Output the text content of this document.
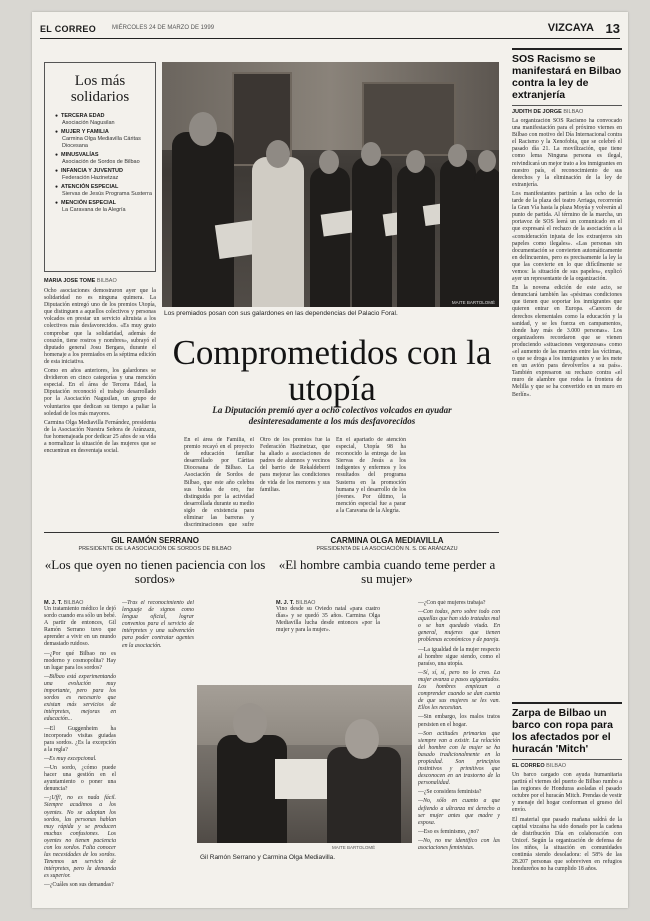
EL CORREO	MIÉRCOLES 24 DE MARZO DE 1999	VIZCAYA 13
Los más solidarios
● TERCERA EDAD
Asociación Nagusilan
● MUJER Y FAMILIA
Carmina Olga Mediavilla Cáritas Diocesana
● MINUSVALÍAS
Asociación de Sordos de Bilbao
● INFANCIA Y JUVENTUD
Federación Hazinetzaz
● ATENCIÓN ESPECIAL
Siervas de Jesús Programa Susterra
● MENCIÓN ESPECIAL
La Caravana de la Alegría
MARÍA JOSÉ TOMÉ BILBAO

Ocho asociaciones demostraron ayer que la solidaridad no es ninguna quimera. La Diputación entregó uno de los premios Utopía, que distinguen a aquellos colectivos y personas volcados en prestar un servicio altruista a los colectivos más desfavorecidos. «Es muy grato comprobar que la solidaridad, además de corazón, tiene rostros y nombres», subrayó el diputado general Josu Bergara, durante el homenaje a los premiados en la séptima edición de esta iniciativa.

Como en años anteriores, los galardones se dividieron en cinco categorías y una mención especial. En el área de Tercera Edad, la Diputación reconoció el trabajo desarrollado por la Asociación Nagusilan, un grupo de voluntarios que dedican su tiempo a paliar la soledad de los más mayores.

Carmina Olga Mediavilla Fernández, presidenta de la Asociación Nuestra Señora de Aránzazu, fue homenajeada por dedicar 25 años de su vida a normalizar la situación de las mujeres que se encuentran en desventaja social.

MAITE BARTOLOMÉ
Los premiados posan con sus galardones en las dependencias del Palacio Foral.
Comprometidos con la utopía
La Diputación premió ayer a ocho colectivos volcados en ayudar desinteresadamente a los más desfavorecidos

En el área de Familia, el premio recayó en el proyecto de educación familiar desarrollado por Cáritas Diocesana de Bilbao. La Asociación de Sordos de Bilbao, que este año celebra sus bodas de oro, fue distinguida por la actividad desarrollada durante su medio siglo de existencia para eliminar las barreras y discriminaciones que sufre

Otro de los premios fue la Federación Hazinetzaz, que ha aliado a asociaciones de padres de alumnos y vecinos del barrio de Rekaldeberri para mejorar las condiciones de vida de los menores y sus familias.

En el apartado de atención especial, Utopía 98 ha reconocido la entrega de las Siervas de Jesús a los indigentes y enfermos y los resultados del programa Susterra en la promoción humana y el desarrollo de los jóvenes. Por último, la mención especial fue a parar a la Caravana de la Alegría.

SOS Racismo se manifestará en Bilbao contra la ley de extranjería
JUDITH DE JORGE BILBAO

La organización SOS Racismo ha convocado una manifestación para el próximo viernes en Bilbao con motivo del Día Internacional contra el Racismo y la Xenofobia, que se celebró el pasado día 21. La movilización, que tiene como lema Ninguna persona es ilegal, reivindicará un mejor trato a los inmigrantes en nuestro país, el reconocimiento de sus derechos y la eliminación de la ley de extranjería.

Los manifestantes partirán a las ocho de la tarde de la plaza del teatro Arriaga, recorrerán la Gran Vía hasta la plaza Moyúa y volverán al punto de partida. Al término de la marcha, un portavoz de SOS leerá un comunicado en el que expresará el rechazo de la asociación a la «consideración injusta de los extranjeros sin papeles como ilegales». «Las personas sin documentación se convierten automáticamente en delincuentes, pero es precisamente la ley la que las convierte en lo que difícilmente se vemos: la situación de sus papeles», explicó ayer un representante de la organización.

En la novena edición de este acto, se denunciará también las «pésimas condiciones que tienen que soportar los inmigrantes que quieren entrar en Europa. «Carecen de derechos elementales como la educación y la sanidad, y se les fuerza en campamentos, donde hay más de 3.000 personas». Los organizadores recordaron que se vienen produciendo «situaciones vergonzosas» como «el aumento de las muertes entre las víctimas, o que se droga a los inmigrantes y se les mete en un avión para devolverlos a su país». También expresaron su rechazo contra «el muro de alambre que rodea la frontera de Melilla y que se ha convertido en un muro en Berlín».

Zarpa de Bilbao un barco con ropa para los afectados por el huracán 'Mitch'
EL CORREO BILBAO

Un barco cargado con ayuda humanitaria partirá el viernes del puerto de Bilbao rumbo a las regiones de Honduras asoladas el pasado octubre por el huracán Mitch. Prendas de vestir y menaje del hogar conforman el grueso del envío.

El material que pasado mañana saldrá de la capital vizcaína ha sido donado por la cadena de distribución Día en colaboración con Unicef. Según la organización de defensa de los niños, la situación en comunidades continúa siendo desoladora: el 58% de las 28.207 personas que sobreviven en refugios hondureños no ha cumplido 18 años.

GIL RAMÓN SERRANO
PRESIDENTE DE LA ASOCIACIÓN DE SORDOS DE BILBAO
«Los que oyen no tienen paciencia con los sordos»
CARMINA OLGA MEDIAVILLA
PRESIDENTA DE LA ASOCIACIÓN N. S. DE ARÁNZAZU
«El hombre cambia cuando teme perder a su mujer»
M. J. T. BILBAO

Un tratamiento médico le dejó sordo cuando era sólo un bebé. A partir de entonces, Gil Ramón Serrano tuvo que aprender a vivir en un mundo demasiado ruidoso.

—¿Por qué Bilbao no es moderno y cosmopolita? Hay un lugar para los sordos?

—Bilbao está experimentando una evolución muy importante, pero para los sordos es necesario que existan más servicios de intérpretes, mejoras en educación...

—El Guggenheim ha incorporado visitas guiadas para sordos. ¿Es la excepción a la regla?

—Es muy excepcional.

—Un sordo, ¿cómo puede hacer una gestión en el ayuntamiento o poner una denuncia?

—¡Uff!, no es nada fácil. Siempre acudimos a los oyentes. No se adaptan los sordos, las personas hablan muy rápida y se producen muchas confusiones. Los oyentes no tienen paciencia con los sordos. Falta conocer las necesidades de los sordos. Tenemos un servicio de intérpretes, pero la demanda es superior.

—¿Cuáles son sus demandas?

—Tras el reconocimiento del lenguaje de signos como lengua oficial, lograr convenios para el servicio de intérpretes y una subvención para poder contratar agentes en la asociación.

M. J. T. BILBAO

Vino desde su Oviedo natal «para cuatro días» y se quedó 35 años. Carmina Olga Mediavilla lucha desde entonces «por la mujer y para la mujer».

—¿Con qué mujeres trabaja?

—Con todas, pero sobre todo con aquellas que han sido tratadas mal o se han quedado viuda. En general, mujeres que tienen problemas económicos y de pareja.

—La igualdad de la mujer respecto al hombre sigue siendo, como el paraíso, una utopía.

—Sí, sí, sí, pero no lo creo. La mujer avanza a pasos agigantados. Los hombres empiezan a comprender cuando se dan cuenta de que sus mujeres se les van. Ellos les necesitan.

—Sin embargo, los malos tratos persisten en el hogar.

—Son actitudes primarias que siempre van a existir. La relación del hombre con la mujer se ha basado tradicionalmente en la propiedad. Son principios instintivos y primitivos que desconocen en un trastorno de la personalidad.

—¿Se considera feminista?

—No, sólo en cuanto a que defiendo a ultranza mi derecho a ser mujer antes que madre y esposa.

—Eso es feminismo, ¿no?

—No, no me identifico con las asociaciones feministas.

MAITE BARTOLOMÉ
Gil Ramón Serrano y Carmina Olga Mediavilla.
